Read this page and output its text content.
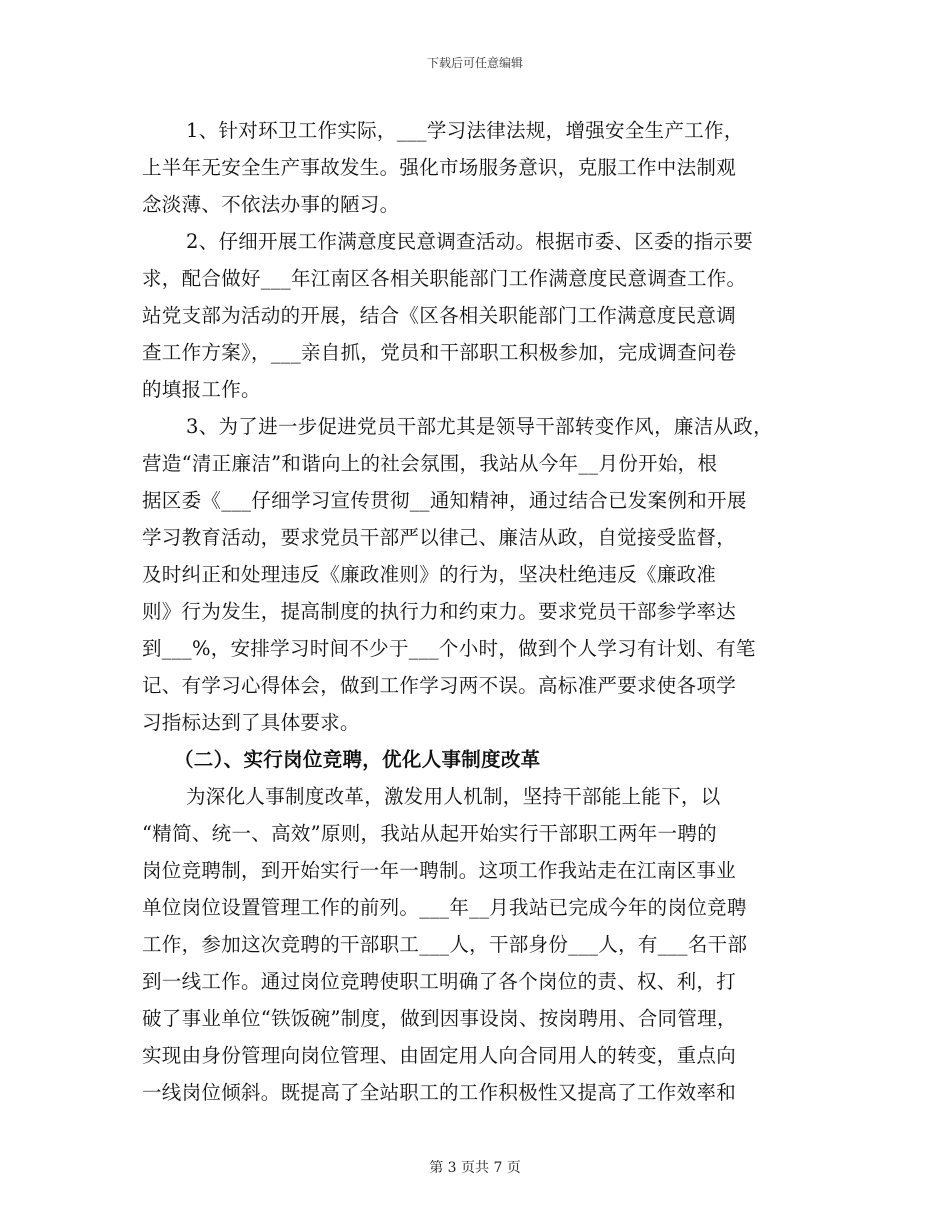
下载后可任意编辑
1、针对环卫工作实际，___学习法律法规，增强安全生产工作，
上半年无安全生产事故发生。强化市场服务意识，克服工作中法制观
念淡薄、不依法办事的陋习。
2、仔细开展工作满意度民意调查活动。根据市委、区委的指示要
求，配合做好___年江南区各相关职能部门工作满意度民意调查工作。
站党支部为活动的开展，结合《区各相关职能部门工作满意度民意调
查工作方案》，___亲自抓，党员和干部职工积极参加，完成调查问卷
的填报工作。
3、为了进一步促进党员干部尤其是领导干部转变作风，廉洁从政，
营造“清正廉洁”和谐向上的社会氛围，我站从今年__月份开始，根
据区委《___仔细学习宣传贯彻__通知精神，通过结合已发案例和开展
学习教育活动，要求党员干部严以律己、廉洁从政，自觉接受监督，
及时纠正和处理违反《廉政准则》的行为，坚决杜绝违反《廉政准
则》行为发生，提高制度的执行力和约束力。要求党员干部参学率达
到___%，安排学习时间不少于___个小时，做到个人学习有计划、有笔
记、有学习心得体会，做到工作学习两不误。高标准严要求使各项学
习指标达到了具体要求。
（二）、实行岗位竞聘，优化人事制度改革
为深化人事制度改革，激发用人机制，坚持干部能上能下，以
“精简、统一、高效”原则，我站从起开始实行干部职工两年一聘的
岗位竞聘制，到开始实行一年一聘制。这项工作我站走在江南区事业
单位岗位设置管理工作的前列。___年__月我站已完成今年的岗位竞聘
工作，参加这次竞聘的干部职工___人，干部身份___人，有___名干部
到一线工作。通过岗位竞聘使职工明确了各个岗位的责、权、利，打
破了事业单位“铁饭碗”制度，做到因事设岗、按岗聘用、合同管理，
实现由身份管理向岗位管理、由固定用人向合同用人的转变，重点向
一线岗位倾斜。既提高了全站职工的工作积极性又提高了工作效率和
第 3 页共 7 页
